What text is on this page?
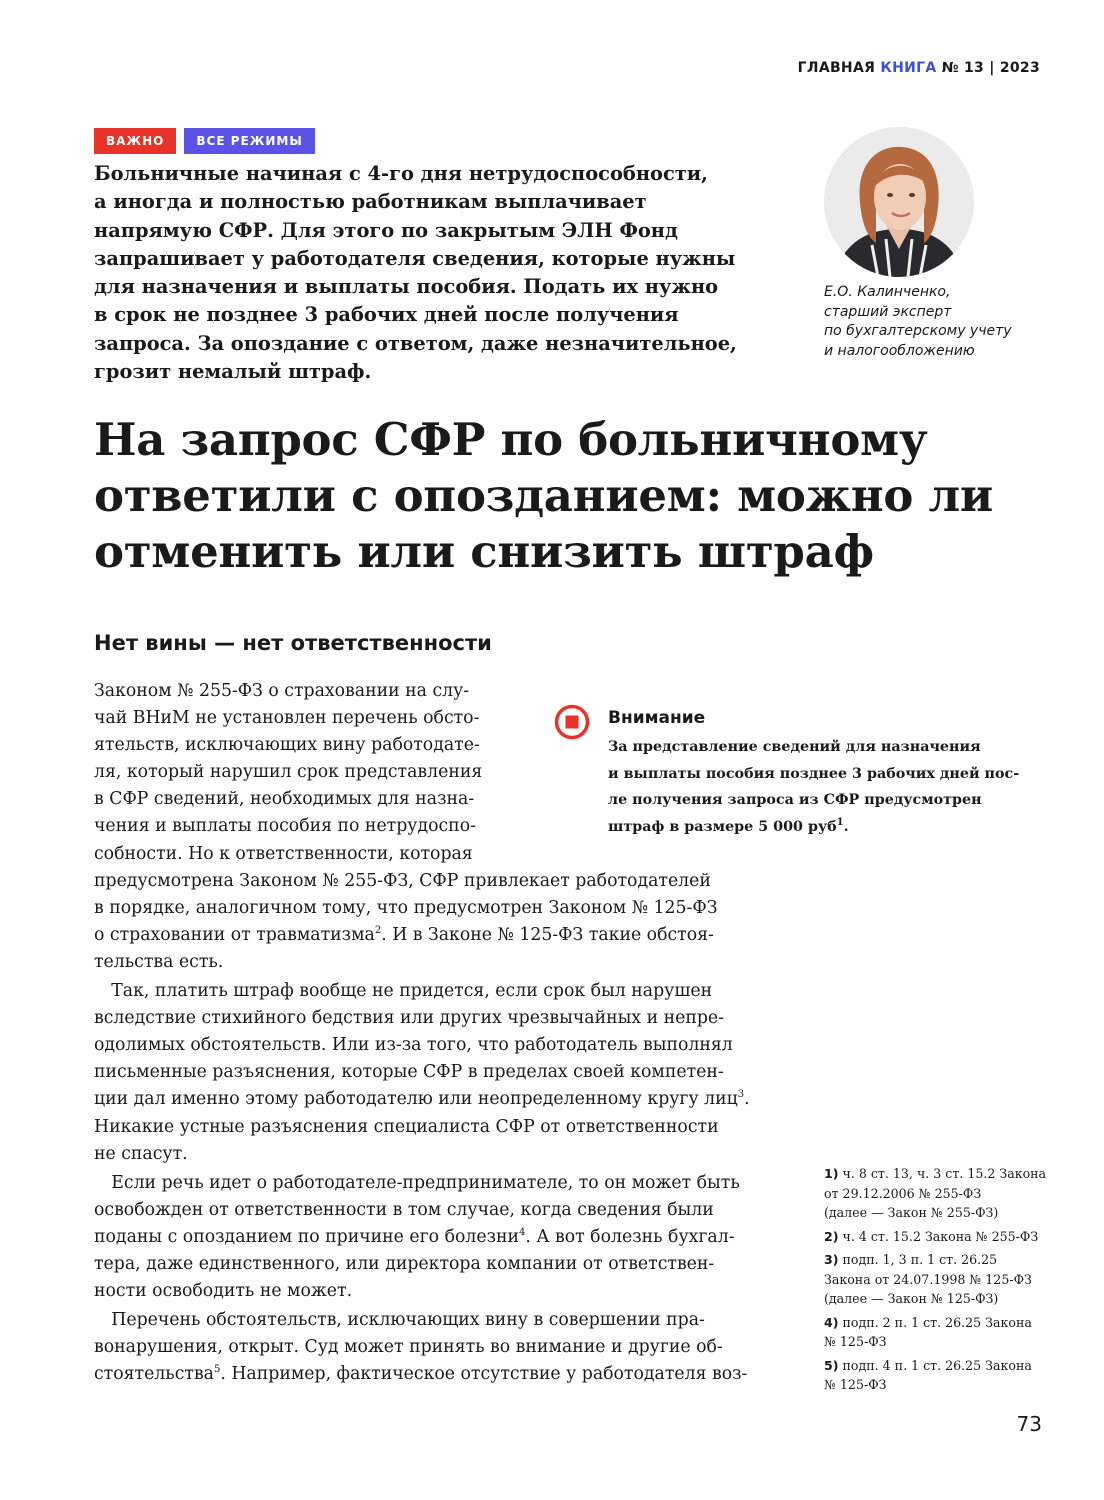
ГЛАВНАЯ КНИГА № 13 | 2023
ВАЖНО	ВСЕ РЕЖИМЫ
Больничные начиная с 4-го дня нетрудоспособности,
а иногда и полностью работникам выплачивает
напрямую СФР. Для этого по закрытым ЭЛН Фонд
запрашивает у работодателя сведения, которые нужны
для назначения и выплаты пособия. Подать их нужно
в срок не позднее 3 рабочих дней после получения
запроса. За опоздание с ответом, даже незначительное,
грозит немалый штраф.
Е.О. Калинченко,
старший эксперт
по бухгалтерскому учету
и налогообложению
На запрос СФР по больничному
ответили с опозданием: можно ли
отменить или снизить штраф
Нет вины — нет ответственности
Законом № 255-ФЗ о страховании на слу-
чай ВНиМ не установлен перечень обсто-
ятельств, исключающих вину работодате-
ля, который нарушил срок представления
в СФР сведений, необходимых для назна-
чения и выплаты пособия по нетрудоспо-
собности. Но к ответственности, которая
предусмотрена Законом № 255-ФЗ, СФР привлекает работодателей
в порядке, аналогичном тому, что предусмотрен Законом № 125-ФЗ
о страховании от травматизма$^2$. И в Законе № 125-ФЗ такие обстоя-
тельства есть.
 Так, платить штраф вообще не придется, если срок был нарушен
вследствие стихийного бедствия или других чрезвычайных и непре-
одолимых обстоятельств. Или из-за того, что работодатель выполнял
письменные разъяснения, которые СФР в пределах своей компетен-
ции дал именно этому работодателю или неопределенному кругу лиц$^3$.
Никакие устные разъяснения специалиста СФР от ответственности
не спасут.
 Если речь идет о работодателе-предпринимателе, то он может быть
освобожден от ответственности в том случае, когда сведения были
поданы с опозданием по причине его болезни$^4$. А вот болезнь бухгал-
тера, даже единственного, или директора компании от ответствен-
ности освободить не может.
 Перечень обстоятельств, исключающих вину в совершении пра-
вонарушения, открыт. Суд может принять во внимание и другие об-
стоятельства$^5$. Например, фактическое отсутствие у работодателя воз-
Внимание
За представление сведений для назначения
и выплаты пособия позднее 3 рабочих дней пос-
ле получения запроса из СФР предусмотрен
штраф в размере 5 000 руб$^1$.
1) ч. 8 ст. 13, ч. 3 ст. 15.2 Закона
от 29.12.2006 № 255-ФЗ
(далее — Закон № 255-ФЗ)
2) ч. 4 ст. 15.2 Закона № 255-ФЗ
3) подп. 1, 3 п. 1 ст. 26.25
Закона от 24.07.1998 № 125-ФЗ
(далее — Закон № 125-ФЗ)
4) подп. 2 п. 1 ст. 26.25 Закона
№ 125-ФЗ
5) подп. 4 п. 1 ст. 26.25 Закона
№ 125-ФЗ
73
